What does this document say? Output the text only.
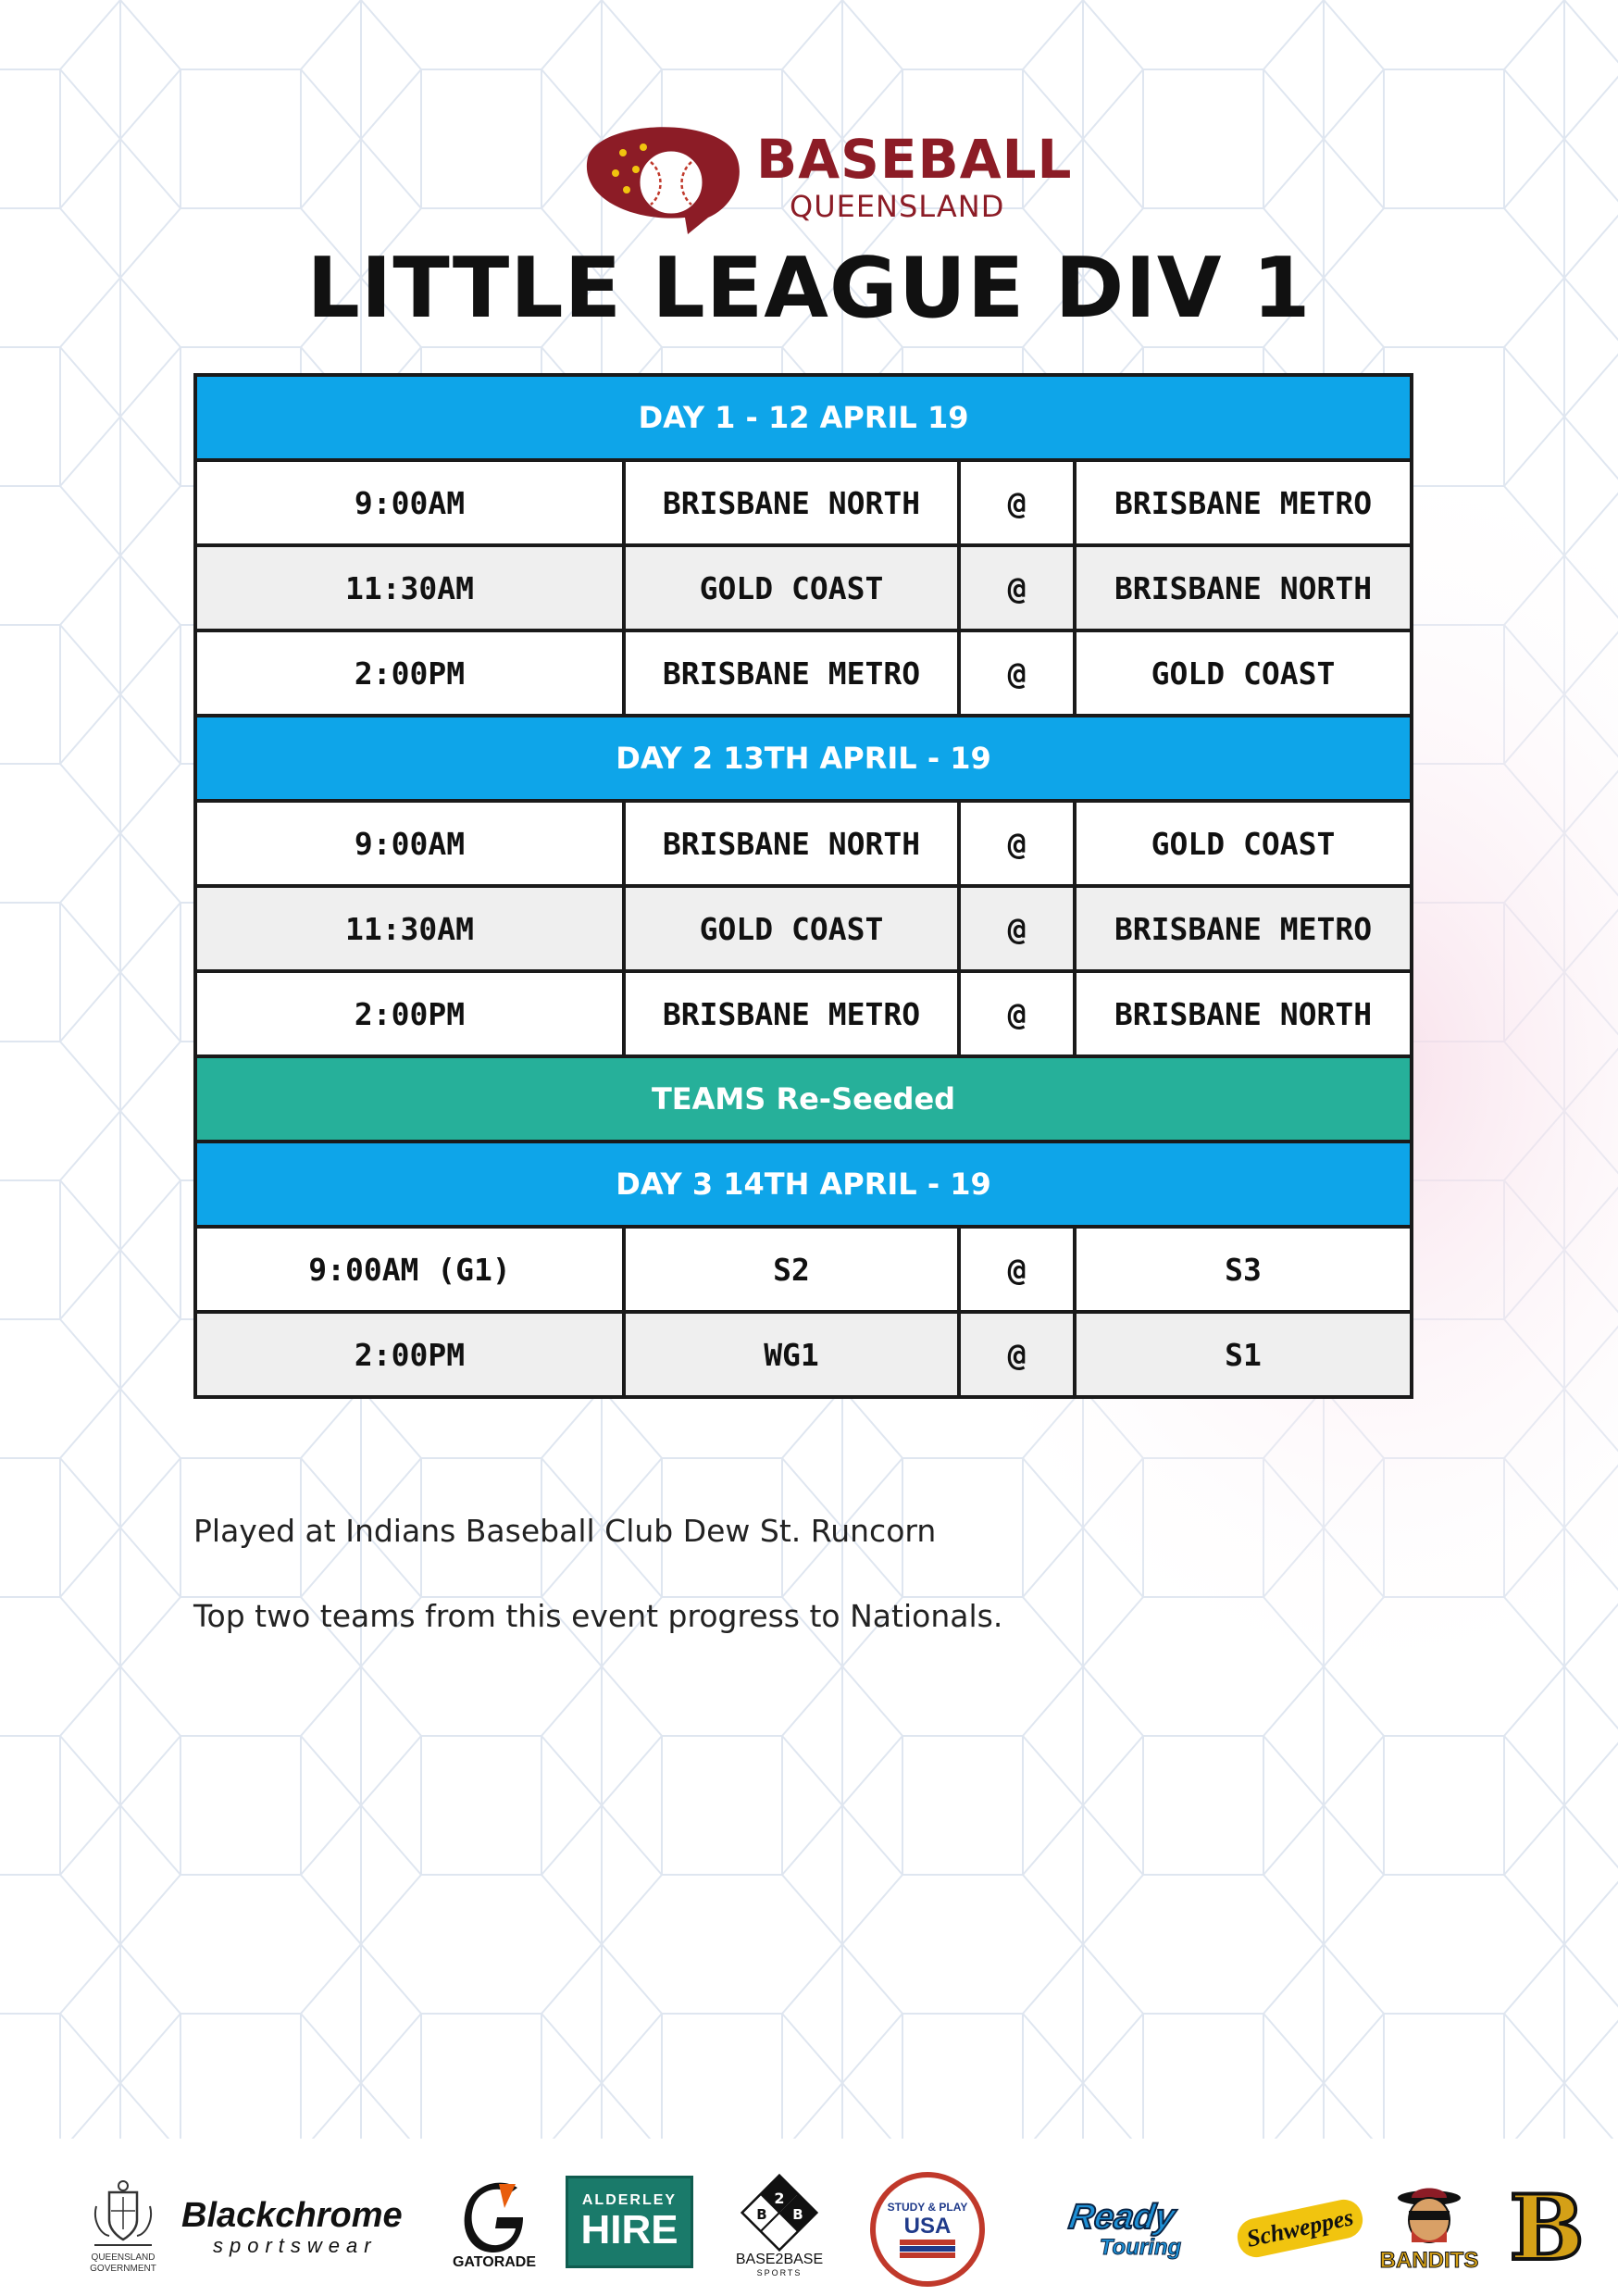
BASEBALL
QUEENSLAND
LITTLE LEAGUE DIV 1
DAY 1 - 12 APRIL 19			
9:00AM	BRISBANE NORTH	@	BRISBANE METRO
11:30AM	GOLD COAST	@	BRISBANE NORTH
2:00PM	BRISBANE METRO	@	GOLD COAST
DAY 2 13TH APRIL - 19			
9:00AM	BRISBANE NORTH	@	GOLD COAST
11:30AM	GOLD COAST	@	BRISBANE METRO
2:00PM	BRISBANE METRO	@	BRISBANE NORTH
TEAMS Re-Seeded			
DAY 3 14TH APRIL - 19			
9:00AM (G1)	S2	@	S3
2:00PM	WG1	@	S1
Played at Indians Baseball Club Dew St. Runcorn
Top two teams from this event progress to Nationals.
QUEENSLAND
GOVERNMENT
Blackchrome
sportswear
GATORADE
ALDERLEY
HIRE
2
B B
BASE2BASE
SPORTS
STUDY & PLAY
USA	Ready
Touring	Schweppes
BANDITS B
